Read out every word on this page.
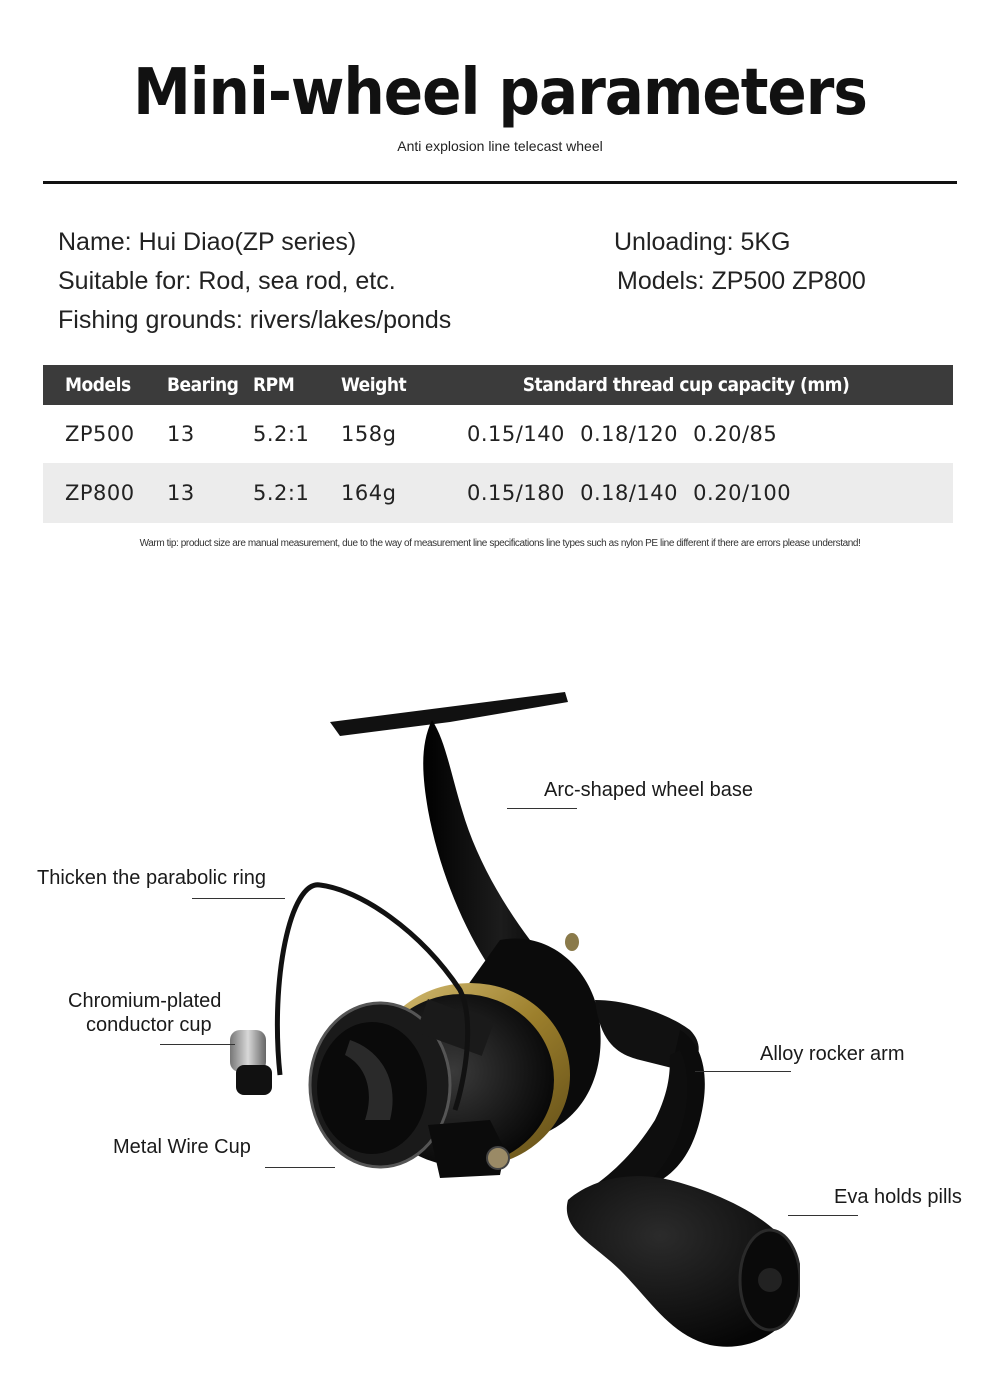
Mini-wheel parameters
Anti explosion line telecast wheel
Name: Hui Diao(ZP series)
Suitable for: Rod, sea rod, etc.
Fishing grounds: rivers/lakes/ponds
Unloading: 5KG
Models: ZP500 ZP800
Models	Bearing	RPM	Weight	Standard thread cup capacity (mm)
ZP500	13	5.2:1	158g	0.15/140 0.18/120 0.20/85
ZP800	13	5.2:1	164g	0.15/180 0.18/140 0.20/100
Warm tip: product size are manual measurement, due to the way of measurement line specifications line types such as nylon PE line different if there are errors please understand!
Arc-shaped wheel base
Thicken the parabolic ring
Chromium-plated
conductor cup
Alloy rocker arm
Metal Wire Cup
Eva holds pills
